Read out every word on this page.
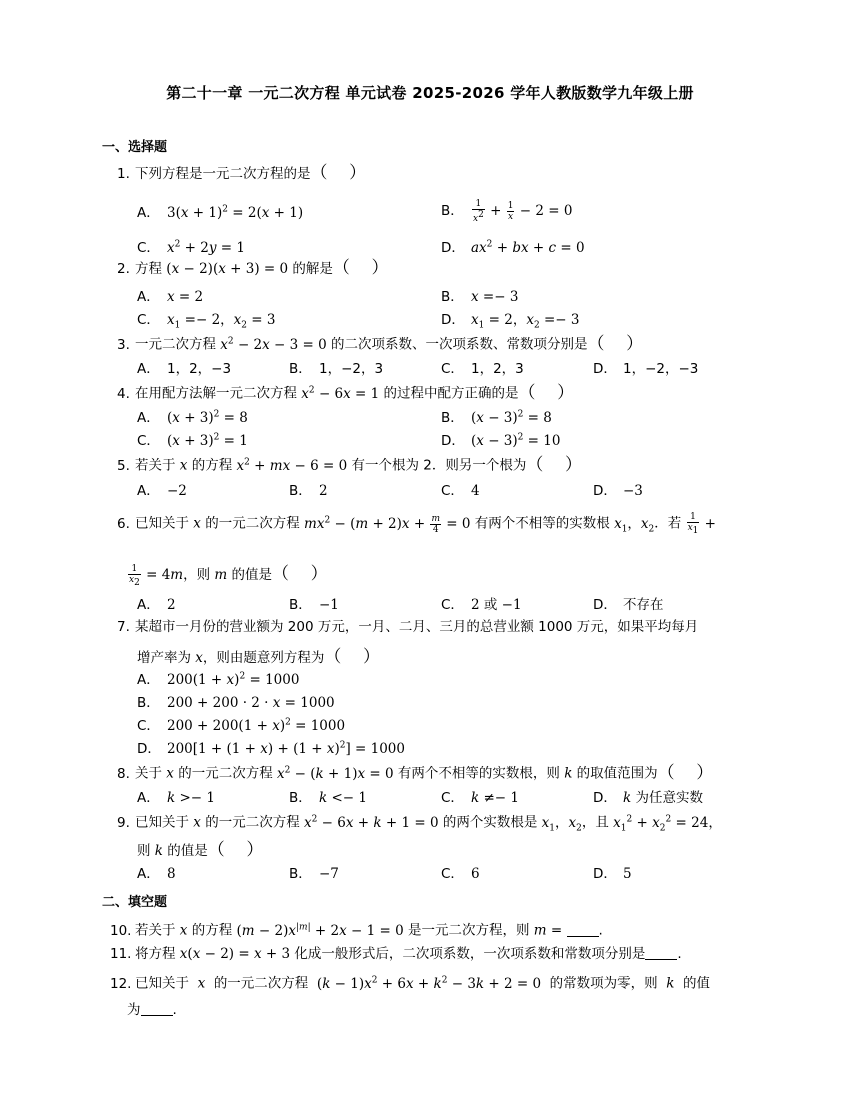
第二十一章 一元二次方程 单元试卷 2025-2026 学年人教版数学九年级上册
一、选择题
1. 下列方程是一元二次方程的是（    ）
A． $3(x + 1)^2 = 2(x + 1)$	B． $\frac{1}{x^2} + \frac{1}{x} - 2 = 0$
C． $x^2 + 2y = 1$	D． $ax^2$ + bx + c = 0
2. 方程 (x − 2)(x + 3) = 0 的解是（    ）
A． x = 2	B． x =− 3
C． $x_1 =- 2$，$x_2 = 3$	D． $x_1 = 2$，$x_2 =- 3$
3. 一元二次方程 $x^2 - 2x - 3 = 0$ 的二次项系数、一次项系数、常数项分别是（    ）
A． 1，2，−3	B． 1，−2，3	C． 1，2，3	D． 1，−2，−3
4. 在用配方法解一元二次方程 $x^2 - 6x = 1$ 的过程中配方正确的是（    ）
A． $(x + 3)^2 = 8$	B． $(x - 3)^2 = 8$
C． $(x + 3)^2 = 1$	D． $(x - 3)^2 = 10$
5. 若关于 x 的方程 $x^2$ + mx − 6 = 0 有一个根为 2．则另一个根为（    ）
A． −2	B． 2	C． 4	D． −3
6. 已知关于 x 的一元二次方程 $mx^2 - (m + 2)x + \frac{m}{4} = 0$ 有两个不相等的实数根 $x_1$，$x_2$．若 $\frac{1}{x_1}$ +
$\frac{1}{x_2} = 4m$，则 m 的值是（    ）
A． 2	B． −1	C． 2 或 −1	D． 不存在
7. 某超市一月份的营业额为 200 万元，一月、二月、三月的总营业额 1000 万元，如果平均每月
增产率为 x，则由题意列方程为（    ）
A． $200(1 + x)^2 = 1000$
B． 200 + 200 · 2 · x = 1000
C． $200 + 200(1 + x)^2 = 1000$
D． $200[1 + (1 + x) + (1 + x)^2] = 1000$
8. 关于 x 的一元二次方程 $x^2 - (k + 1)x = 0$ 有两个不相等的实数根，则 k 的取值范围为（    ）
A． k >− 1	B． k <− 1	C． k ≠− 1	D． k 为任意实数
9. 已知关于 x 的一元二次方程 $x^2 - 6x + k + 1 = 0$ 的两个实数根是 $x_1$，$x_2$，且 $x_1^2 + x_2^2 = 24$，
则 k 的值是（    ）
A． 8	B． −7	C． 6	D． 5
二、填空题
10. 若关于 x 的方程 $(m - 2)x^{|m|} + 2x - 1 = 0$ 是一元二次方程，则 m = .
11. 将方程 x(x − 2) = x + 3 化成一般形式后，二次项系数，一次项系数和常数项分别是 .
12. 已知关于 x 的一元二次方程 $(k - 1)x^2 + 6x + k^2 - 3k + 2 = 0$ 的常数项为零，则 k 的值
为 .
